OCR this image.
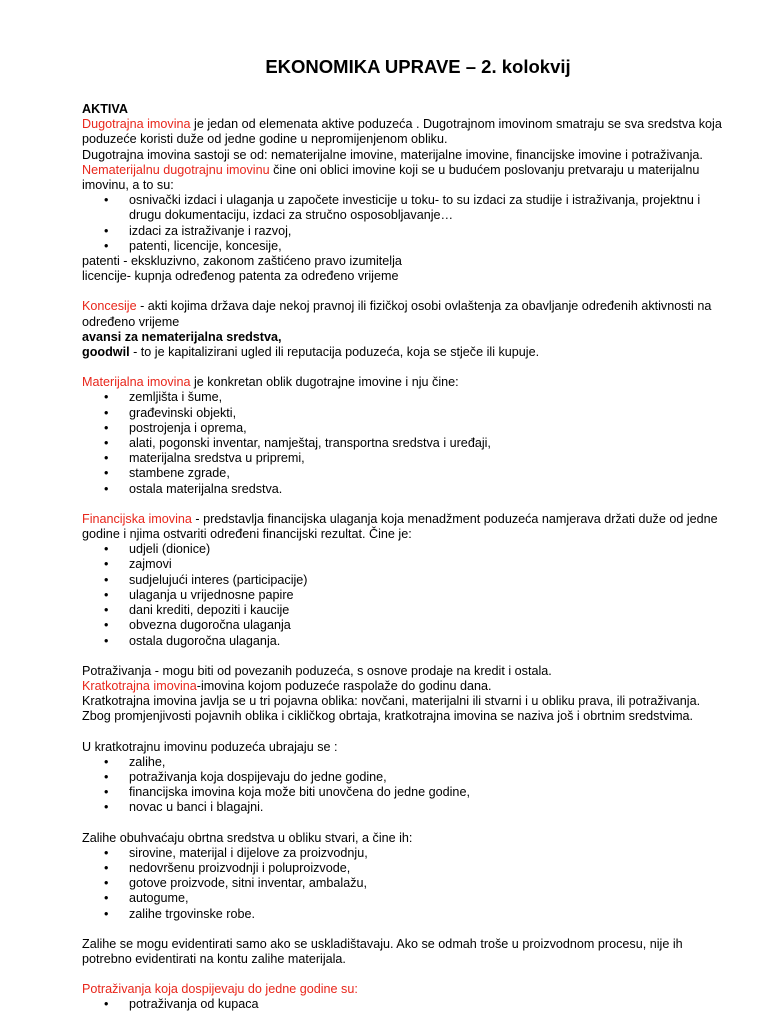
EKONOMIKA UPRAVE – 2. kolokvij

AKTIVA

Dugotrajna imovina je jedan od elemenata aktive poduzeća . Dugotrajnom imovinom smatraju se sva sredstva koja poduzeće koristi duže od jedne godine u nepromijenjenom obliku.

Dugotrajna imovina sastoji se od: nematerijalne imovine, materijalne imovine, financijske imovine i potraživanja.

Nematerijalnu dugotrajnu imovinu čine oni oblici imovine koji se u budućem poslovanju pretvaraju u materijalnu imovinu, a to su:

• osnivački izdaci i ulaganja u započete investicije u toku- to su izdaci za studije i istraživanja, projektnu i drugu dokumentaciju, izdaci za stručno osposobljavanje…
• izdaci za istraživanje i razvoj,
• patenti, licencije, koncesije,

patenti - ekskluzivno, zakonom zaštićeno pravo izumitelja

licencije- kupnja određenog patenta za određeno vrijeme

Koncesije - akti kojima država daje nekoj pravnoj ili fizičkoj osobi ovlaštenja za obavljanje određenih aktivnosti na određeno vrijeme

avansi za nematerijalna sredstva,

goodwil - to je kapitalizirani ugled ili reputacija poduzeća, koja se stječe ili kupuje.

Materijalna imovina je konkretan oblik dugotrajne imovine i nju čine:

• zemljišta i šume,
• građevinski objekti,
• postrojenja i oprema,
• alati, pogonski inventar, namještaj, transportna sredstva i uređaji,
• materijalna sredstva u pripremi,
• stambene zgrade,
• ostala materijalna sredstva.

Financijska imovina - predstavlja financijska ulaganja koja menadžment poduzeća namjerava držati duže od jedne godine i njima ostvariti određeni financijski rezultat. Čine je:

• udjeli (dionice)
• zajmovi
• sudjelujući interes (participacije)
• ulaganja u vrijednosne papire
• dani krediti, depoziti i kaucije
• obvezna dugoročna ulaganja
• ostala dugoročna ulaganja.

Potraživanja - mogu biti od povezanih poduzeća, s osnove prodaje na kredit i ostala.

Kratkotrajna imovina-imovina kojom poduzeće raspolaže do godinu dana.

Kratkotrajna imovina javlja se u tri pojavna oblika: novčani, materijalni ili stvarni i u obliku prava, ili potraživanja.

Zbog promjenjivosti pojavnih oblika i cikličkog obrtaja, kratkotrajna imovina se naziva još i obrtnim sredstvima.

U kratkotrajnu imovinu poduzeća ubrajaju se :

• zalihe,
• potraživanja koja dospijevaju do jedne godine,
• financijska imovina koja može biti unovčena do jedne godine,
• novac u banci i blagajni.

Zalihe obuhvaćaju obrtna sredstva u obliku stvari, a čine ih:

• sirovine, materijal i dijelove za proizvodnju,
• nedovršenu proizvodnji i poluproizvode,
• gotove proizvode, sitni inventar, ambalažu,
• autogume,
• zalihe trgovinske robe.

Zalihe se mogu evidentirati samo ako se uskladištavaju. Ako se odmah troše u proizvodnom procesu, nije ih potrebno evidentirati na kontu zalihe materijala.

Potraživanja koja dospijevaju do jedne godine su:

• potraživanja od kupaca
